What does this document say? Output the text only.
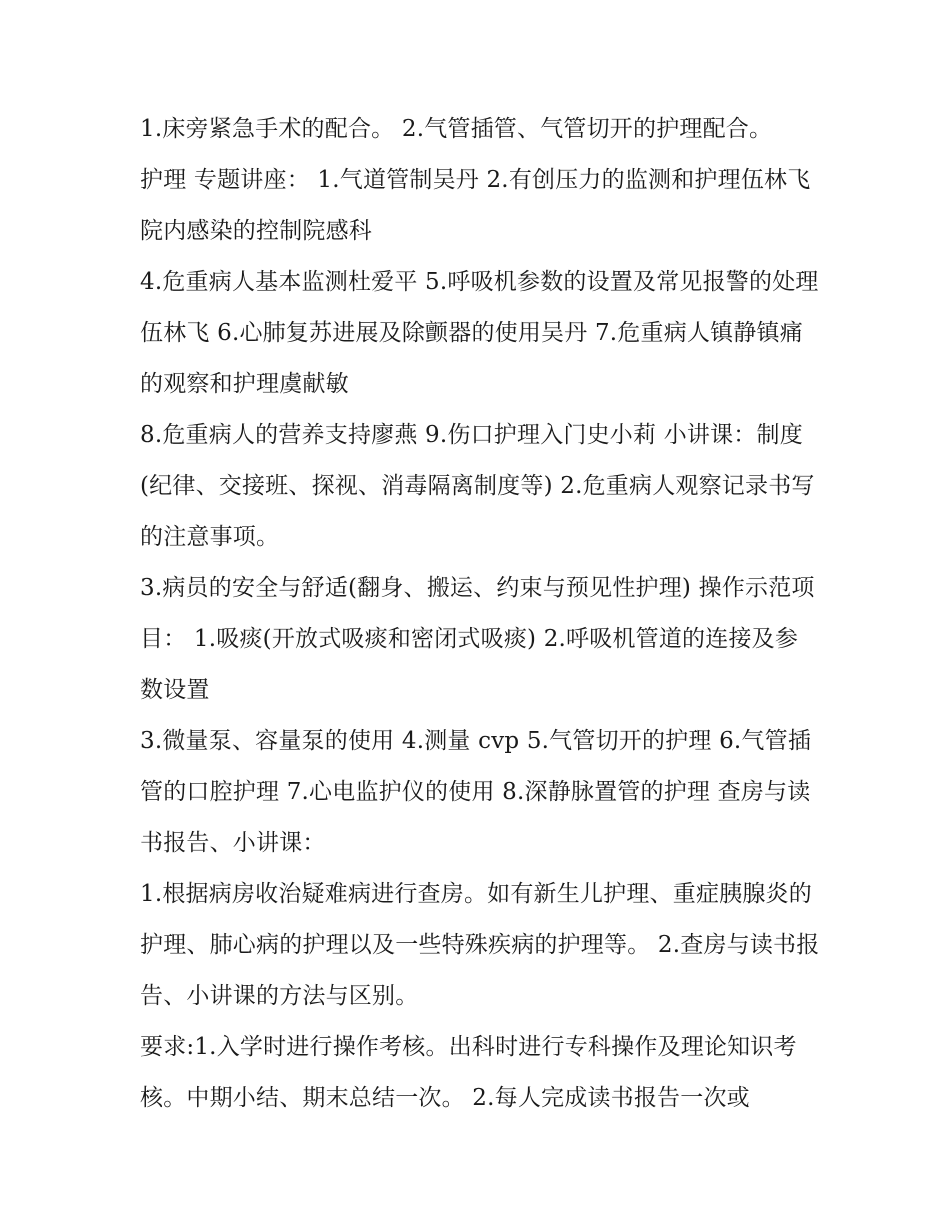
1.床旁紧急手术的配合。 2.气管插管、气管切开的护理配合。

护理 专题讲座： 1.气道管制吴丹 2.有创压力的监测和护理伍林飞 院内感染的控制院感科

4.危重病人基本监测杜爱平 5.呼吸机参数的设置及常见报警的处理伍林飞 6.心肺复苏进展及除颤器的使用吴丹 7.危重病人镇静镇痛的观察和护理虞献敏

8.危重病人的营养支持廖燕 9.伤口护理入门史小莉 小讲课：制度(纪律、交接班、探视、消毒隔离制度等) 2.危重病人观察记录书写的注意事项。

3.病员的安全与舒适(翻身、搬运、约束与预见性护理) 操作示范项目： 1.吸痰(开放式吸痰和密闭式吸痰) 2.呼吸机管道的连接及参数设置

3.微量泵、容量泵的使用 4.测量 cvp 5.气管切开的护理 6.气管插管的口腔护理 7.心电监护仪的使用 8.深静脉置管的护理 查房与读书报告、小讲课：

1.根据病房收治疑难病进行查房。如有新生儿护理、重症胰腺炎的护理、肺心病的护理以及一些特殊疾病的护理等。 2.查房与读书报告、小讲课的方法与区别。

要求:1.入学时进行操作考核。出科时进行专科操作及理论知识考核。中期小结、期末总结一次。 2.每人完成读书报告一次或
